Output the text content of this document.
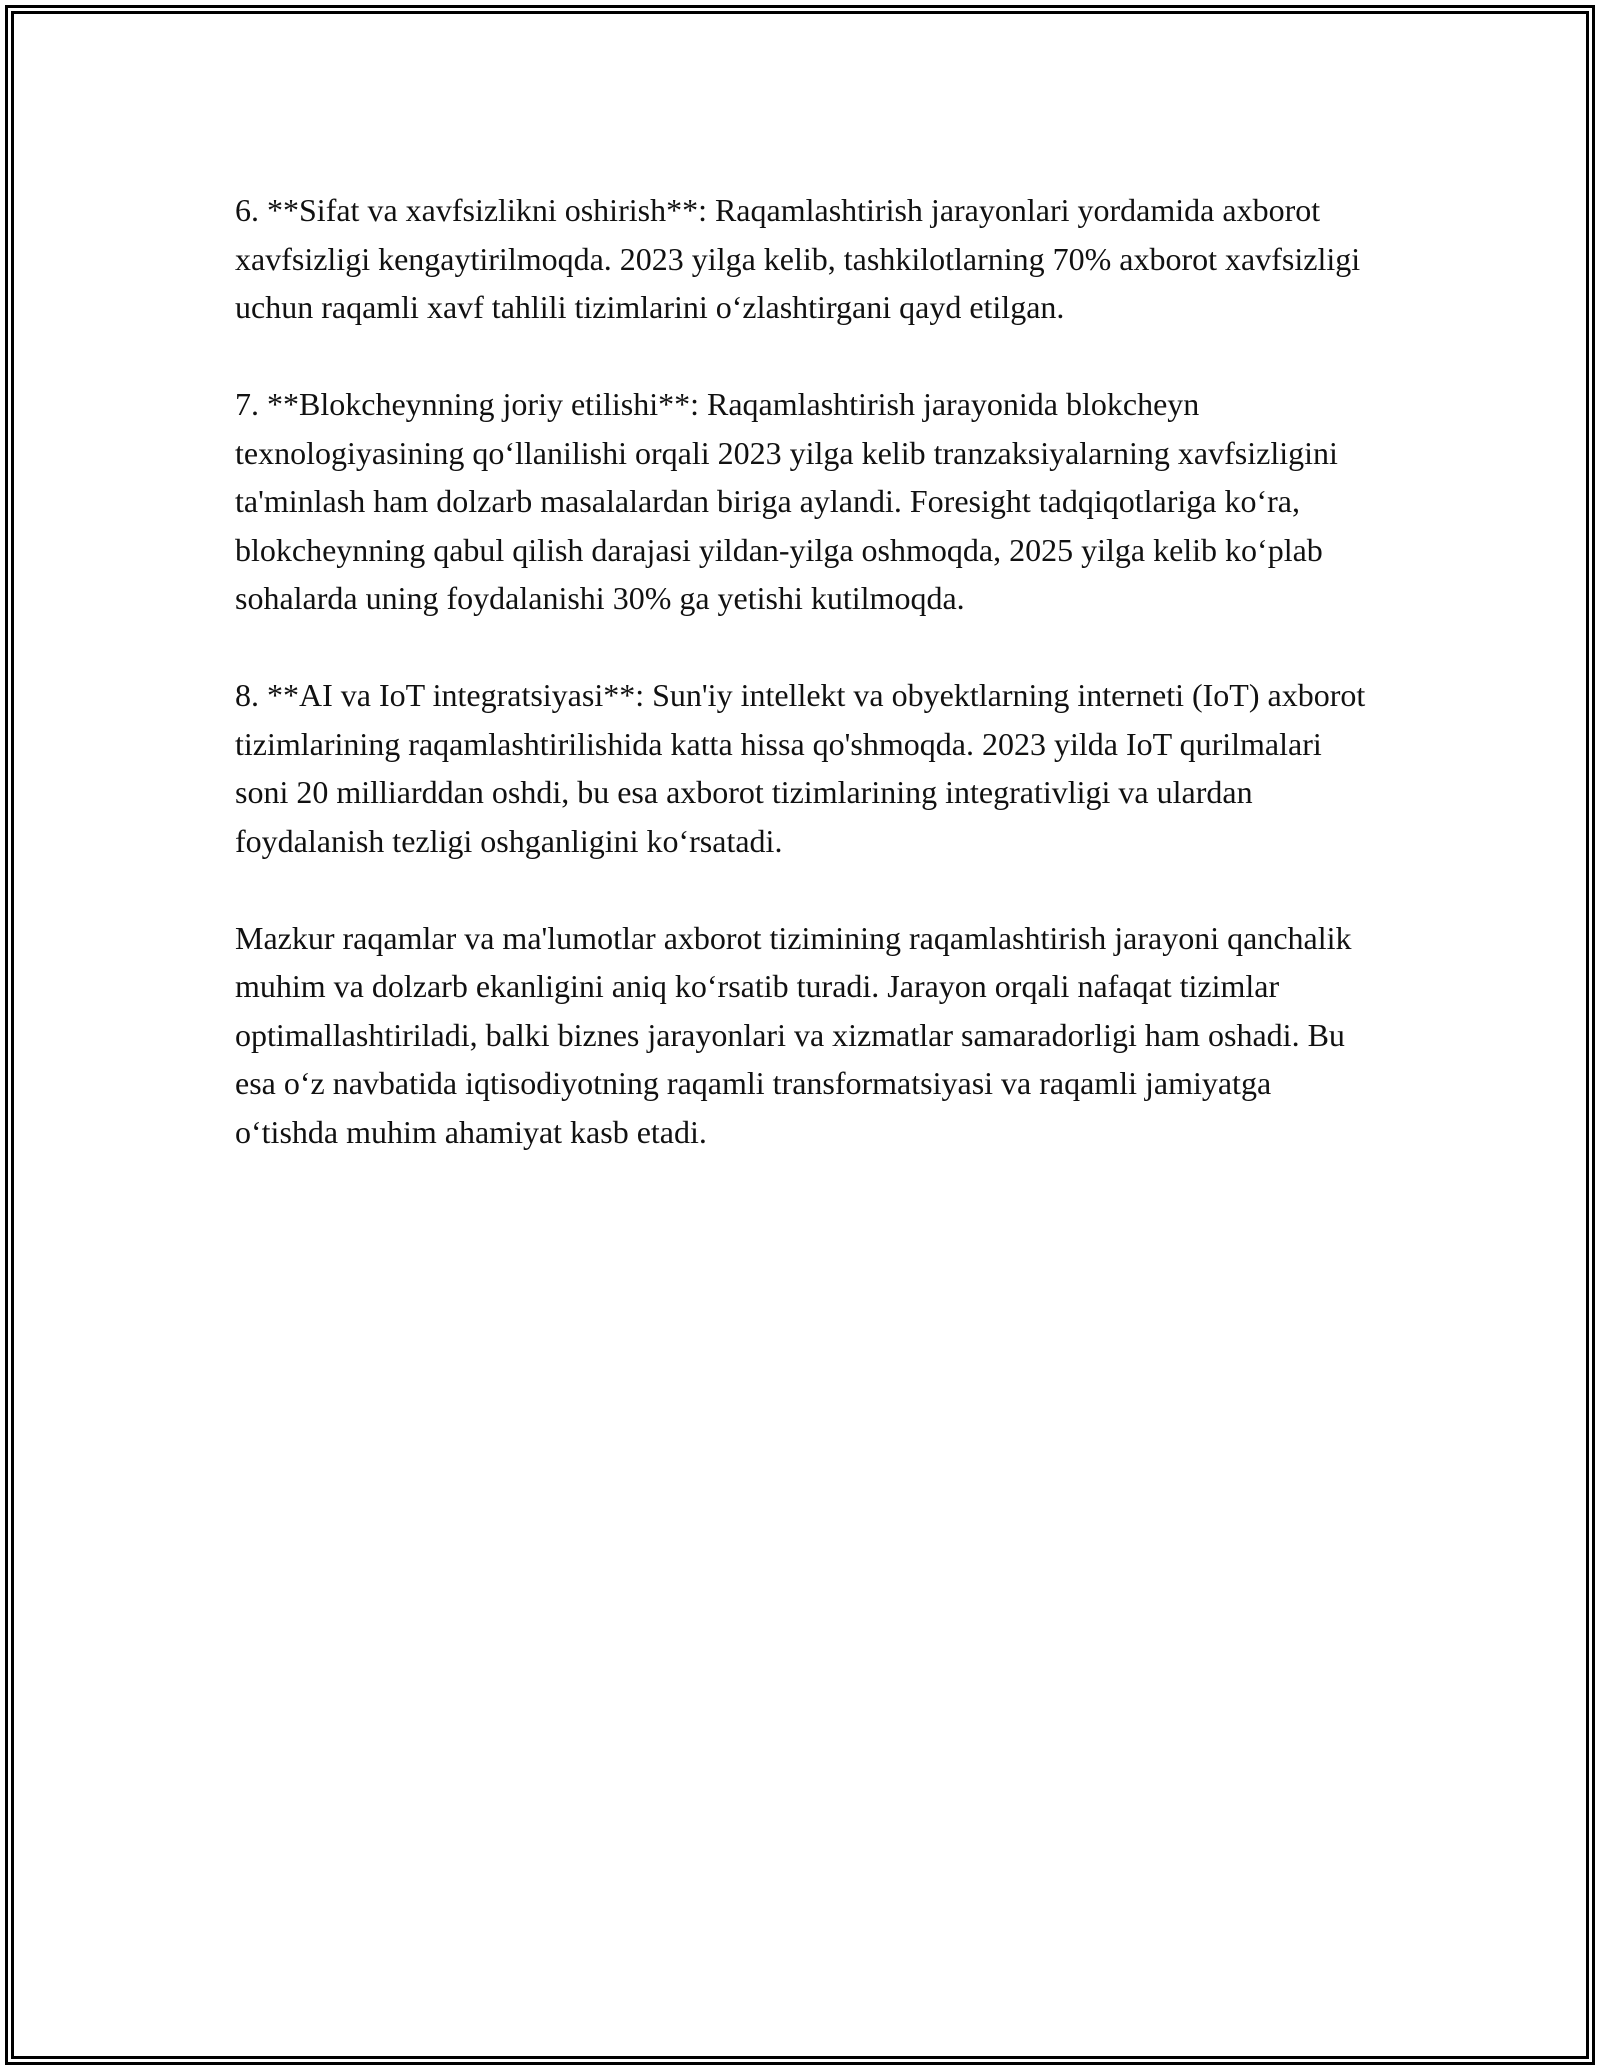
6. **Sifat va xavfsizlikni oshirish**: Raqamlashtirish jarayonlari yordamida axborot xavfsizligi kengaytirilmoqda. 2023 yilga kelib, tashkilotlarning 70% axborot xavfsizligi uchun raqamli xavf tahlili tizimlarini oʻzlashtirgani qayd etilgan.

7. **Blokcheynning joriy etilishi**: Raqamlashtirish jarayonida blokcheyn texnologiyasining qoʻllanilishi orqali 2023 yilga kelib tranzaksiyalarning xavfsizligini ta'minlash ham dolzarb masalalardan biriga aylandi. Foresight tadqiqotlariga koʻra, blokcheynning qabul qilish darajasi yildan-yilga oshmoqda, 2025 yilga kelib koʻplab sohalarda uning foydalanishi 30% ga yetishi kutilmoqda.

8. **AI va IoT integratsiyasi**: Sun'iy intellekt va obyektlarning interneti (IoT) axborot tizimlarining raqamlashtirilishida katta hissa qo'shmoqda. 2023 yilda IoT qurilmalari soni 20 milliarddan oshdi, bu esa axborot tizimlarining integrativligi va ulardan foydalanish tezligi oshganligini koʻrsatadi.

Mazkur raqamlar va ma'lumotlar axborot tizimining raqamlashtirish jarayoni qanchalik muhim va dolzarb ekanligini aniq koʻrsatib turadi. Jarayon orqali nafaqat tizimlar optimallashtiriladi, balki biznes jarayonlari va xizmatlar samaradorligi ham oshadi. Bu esa oʻz navbatida iqtisodiyotning raqamli transformatsiyasi va raqamli jamiyatga oʻtishda muhim ahamiyat kasb etadi.
